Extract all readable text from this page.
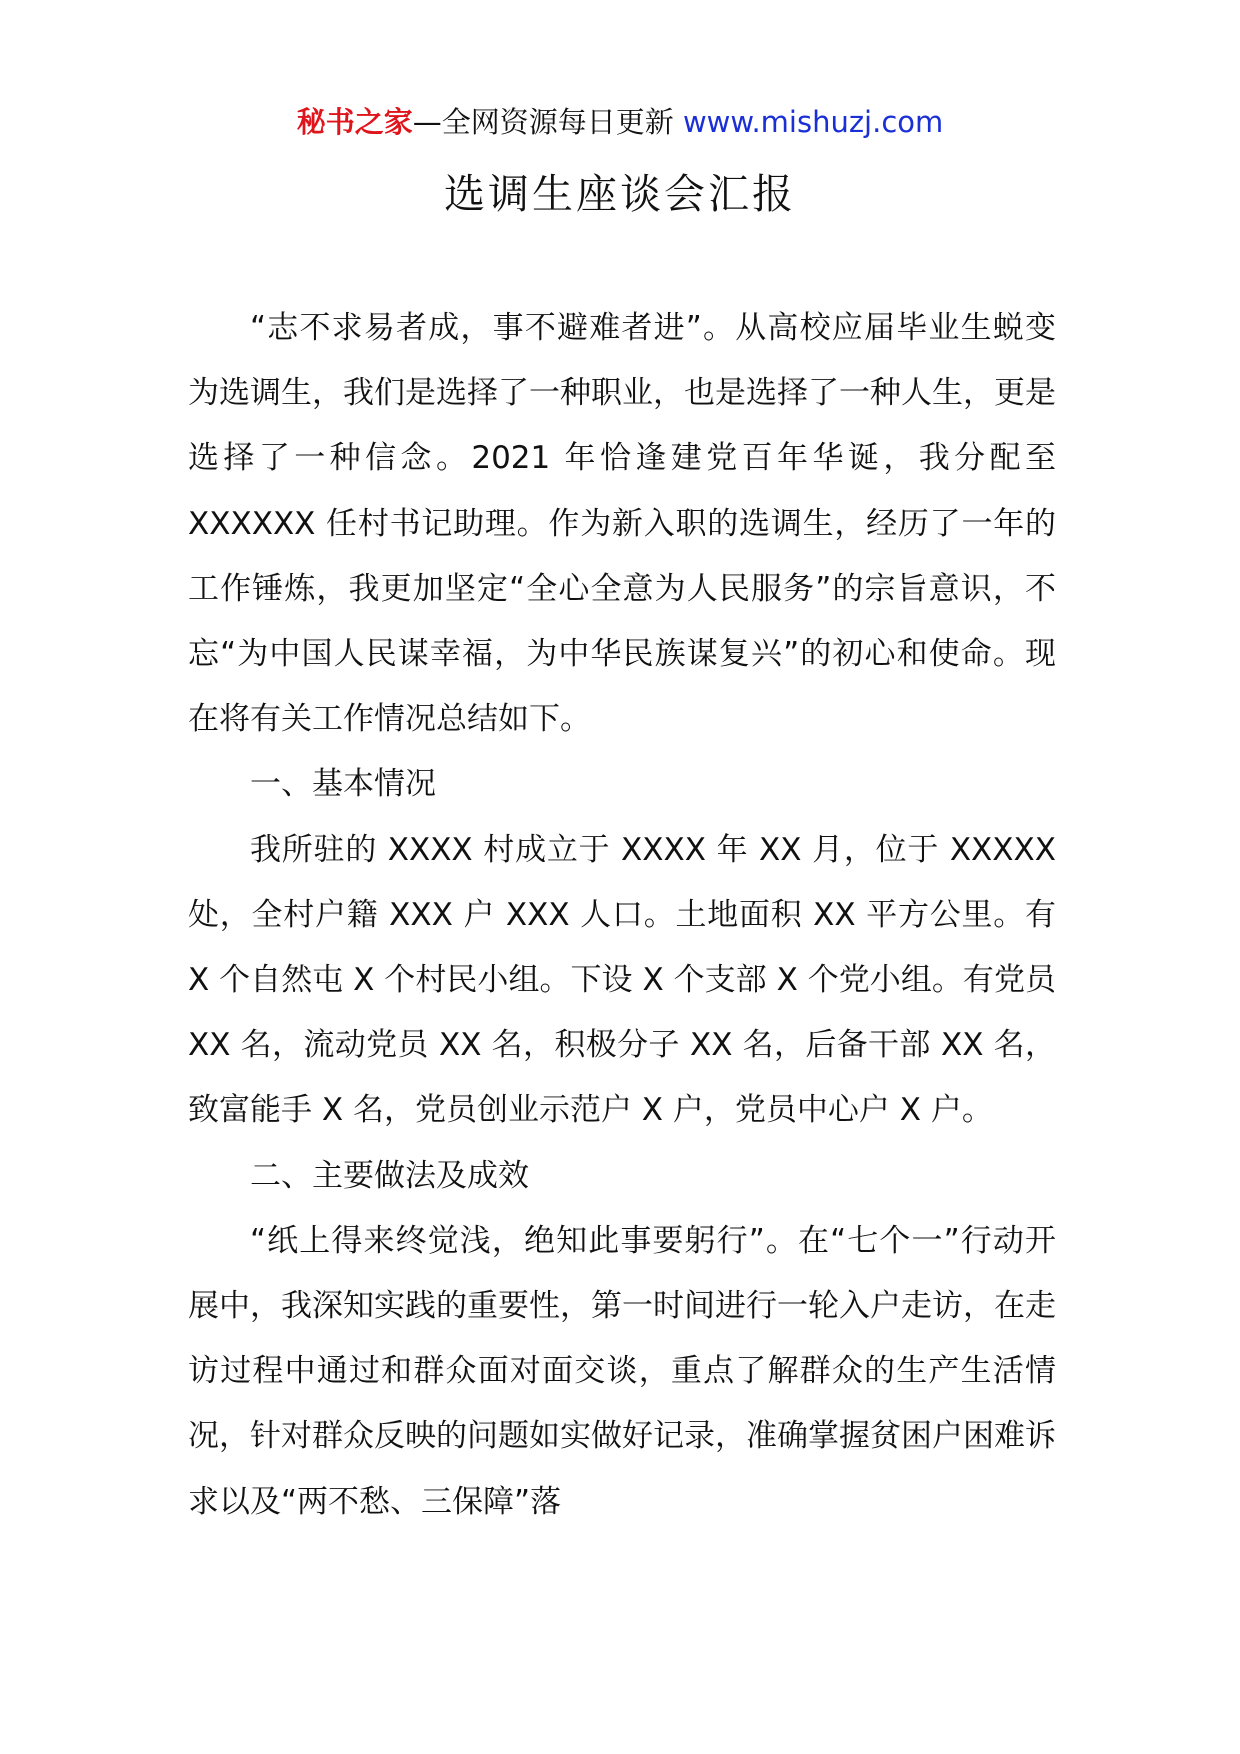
秘书之家—全网资源每日更新 www.mishuzj.com
选调生座谈会汇报

“志不求易者成，事不避难者进”。从高校应届毕业生蜕变为选调生，我们是选择了一种职业，也是选择了一种人生，更是选择了一种信念。2021 年恰逢建党百年华诞，我分配至 XXXXXX 任村书记助理。作为新入职的选调生，经历了一年的工作锤炼，我更加坚定“全心全意为人民服务”的宗旨意识，不忘“为中国人民谋幸福，为中华民族谋复兴”的初心和使命。现在将有关工作情况总结如下。

一、基本情况

我所驻的 XXXX 村成立于 XXXX 年 XX 月，位于 XXXXX 处，全村户籍 XXX 户 XXX 人口。土地面积 XX 平方公里。有 X 个自然屯 X 个村民小组。下设 X 个支部 X 个党小组。有党员 XX 名，流动党员 XX 名，积极分子 XX 名，后备干部 XX 名，致富能手 X 名，党员创业示范户 X 户，党员中心户 X 户。

二、主要做法及成效

“纸上得来终觉浅，绝知此事要躬行”。在“七个一”行动开展中，我深知实践的重要性，第一时间进行一轮入户走访，在走访过程中通过和群众面对面交谈，重点了解群众的生产生活情况，针对群众反映的问题如实做好记录，准确掌握贫困户困难诉求以及“两不愁、三保障”落
